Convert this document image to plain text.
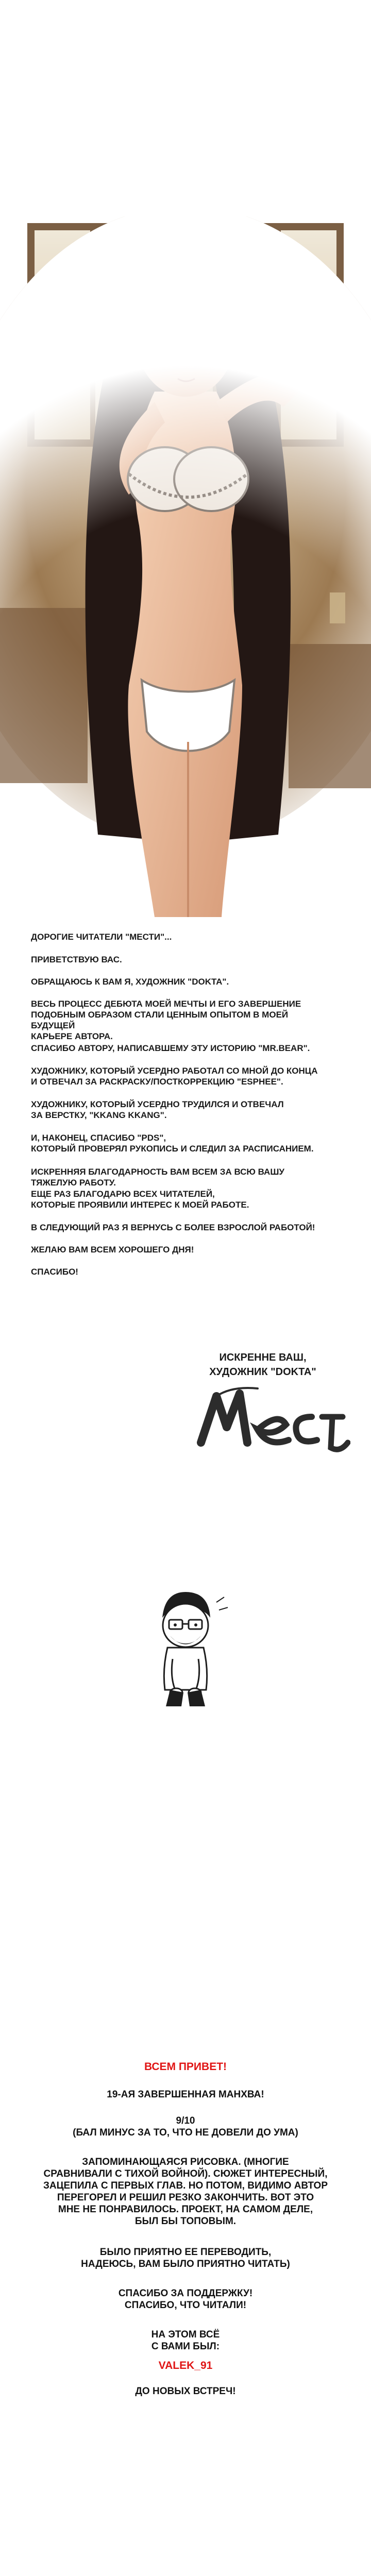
ДОРОГИЕ ЧИТАТЕЛИ "МЕСТИ"...
ПРИВЕТСТВУЮ ВАС.
ОБРАЩАЮСЬ К ВАМ Я, ХУДОЖНИК "DOKTA".
ВЕСЬ ПРОЦЕСС ДЕБЮТА МОЕЙ МЕЧТЫ И ЕГО ЗАВЕРШЕНИЕ
ПОДОБНЫМ ОБРАЗОМ СТАЛИ ЦЕННЫМ ОПЫТОМ В МОЕЙ БУДУЩЕЙ
КАРЬЕРЕ АВТОРА.
СПАСИБО АВТОРУ, НАПИСАВШЕМУ ЭТУ ИСТОРИЮ "MR.BEAR".
ХУДОЖНИКУ, КОТОРЫЙ УСЕРДНО РАБОТАЛ СО МНОЙ ДО КОНЦА
И ОТВЕЧАЛ ЗА РАСКРАСКУ/ПОСТКОРРЕКЦИЮ "ESPHEE".
ХУДОЖНИКУ, КОТОРЫЙ УСЕРДНО ТРУДИЛСЯ И ОТВЕЧАЛ
ЗА ВЕРСТКУ, "KKANG KKANG".
И, НАКОНЕЦ, СПАСИБО "PDS",
КОТОРЫЙ ПРОВЕРЯЛ РУКОПИСЬ И СЛЕДИЛ ЗА РАСПИСАНИЕМ.
ИСКРЕННЯЯ БЛАГОДАРНОСТЬ ВАМ ВСЕМ ЗА ВСЮ ВАШУ ТЯЖЕЛУЮ РАБОТУ.
ЕЩЕ РАЗ БЛАГОДАРЮ ВСЕХ ЧИТАТЕЛЕЙ,
КОТОРЫЕ ПРОЯВИЛИ ИНТЕРЕС К МОЕЙ РАБОТЕ.
В СЛЕДУЮЩИЙ РАЗ Я ВЕРНУСЬ С БОЛЕЕ ВЗРОСЛОЙ РАБОТОЙ!
ЖЕЛАЮ ВАМ ВСЕМ ХОРОШЕГО ДНЯ!
СПАСИБО!
ИСКРЕННЕ ВАШ,
ХУДОЖНИК "DOKTA"
ВСЕМ ПРИВЕТ!
19-АЯ ЗАВЕРШЕННАЯ МАНХВА!
9/10
(БАЛ МИНУС ЗА ТО, ЧТО НЕ ДОВЕЛИ ДО УМА)
ЗАПОМИНАЮЩАЯСЯ РИСОВКА. (МНОГИЕ
СРАВНИВАЛИ С ТИХОЙ ВОЙНОЙ). СЮЖЕТ ИНТЕРЕСНЫЙ,
ЗАЦЕПИЛА С ПЕРВЫХ ГЛАВ. НО ПОТОМ, ВИДИМО АВТОР
ПЕРЕГОРЕЛ И РЕШИЛ РЕЗКО ЗАКОНЧИТЬ. ВОТ ЭТО
МНЕ НЕ ПОНРАВИЛОСЬ. ПРОЕКТ, НА САМОМ ДЕЛЕ,
БЫЛ БЫ ТОПОВЫМ.
БЫЛО ПРИЯТНО ЕЕ ПЕРЕВОДИТЬ,
НАДЕЮСЬ, ВАМ БЫЛО ПРИЯТНО ЧИТАТЬ)
СПАСИБО ЗА ПОДДЕРЖКУ!
СПАСИБО, ЧТО ЧИТАЛИ!
НА ЭТОМ ВСЁ
С ВАМИ БЫЛ:
VALEK_91
ДО НОВЫХ ВСТРЕЧ!
